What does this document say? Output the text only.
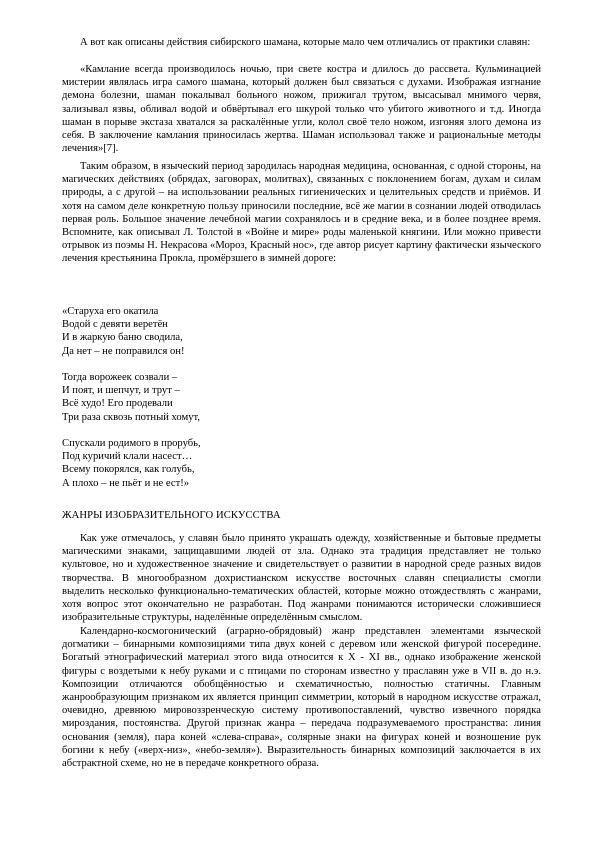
А вот как описаны действия сибирского шамана, которые мало чем отличались от практики славян:

«Камлание всегда производилось ночью, при свете костра и длилось до рассвета. Кульминацией мистерии являлась игра самого шамана, который должен был связаться с духами. Изображая изгнание демона болезни, шаман покалывал больного ножом, прижигал трутом, высасывал мнимого червя, зализывал язвы, обливал водой и обвёртывал его шкурой только что убитого животного и т.д. Иногда шаман в порыве экстаза хватался за раскалённые угли, колол своё тело ножом, изгоняя злого демона из себя. В заключение камлания приносилась жертва. Шаман использовал также и рациональные методы лечения»[7].

Таким образом, в языческий период зародилась народная медицина, основанная, с одной стороны, на магических действиях (обрядах, заговорах, молитвах), связанных с поклонением богам, духам и силам природы, а с другой – на использовании реальных гигиенических и целительных средств и приёмов. И хотя на самом деле конкретную пользу приносили последние, всё же магии в сознании людей отводилась первая роль. Большое значение лечебной магии сохранялось и в средние века, и в более позднее время. Вспомните, как описывал Л. Толстой в «Войне и мире» роды маленькой княгини. Или можно привести отрывок из поэмы Н. Некрасова «Мороз, Красный нос», где автор рисует картину фактически языческого лечения крестьянина Прокла, промёрзшего в зимней дороге:

«Старуха его окатила
Водой с девяти веретён
И в жаркую баню сводила,
Да нет – не поправился он!
Тогда ворожеек созвали –
И поят, и шепчут, и трут –
Всё худо! Его продевали
Три раза сквозь потный хомут,
Спускали родимого в прорубь,
Под куричий клали насест…
Всему покорялся, как голубь,
А плохо – не пьёт и не ест!»

ЖАНРЫ ИЗОБРАЗИТЕЛЬНОГО ИСКУССТВА

Как уже отмечалось, у славян было принято украшать одежду, хозяйственные и бытовые предметы магическими знаками, защищавшими людей от зла. Однако эта традиция представляет не только культовое, но и художественное значение и свидетельствует о развитии в народной среде разных видов творчества. В многообразном дохристианском искусстве восточных славян специалисты смогли выделить несколько функционально-тематических областей, которые можно отождествлять с жанрами, хотя вопрос этот окончательно не разработан. Под жанрами понимаются исторически сложившиеся изобразительные структуры, наделённые определённым смыслом.

Календарно-космогонический (аграрно-обрядовый) жанр представлен элементами языческой догматики – бинарными композициями типа двух коней с деревом или женской фигурой посередине. Богатый этнографический материал этого вида относится к X - XI вв., однако изображение женской фигуры с воздетыми к небу руками и с птицами по сторонам известно у праславян уже в VII в. до н.э. Композиции отличаются обобщённостью и схематичностью, полностью статичны. Главным жанрообразующим признаком их является принцип симметрии, который в народном искусстве отражал, очевидно, древнюю мировоззренческую систему противопоставлений, чувство извечного порядка мироздания, постоянства. Другой признак жанра – передача подразумеваемого пространства: линия основания (земля), пара коней «слева-справа», солярные знаки на фигурах коней и возношение рук богини к небу («верх-низ», «небо-земля»). Выразительность бинарных композиций заключается в их абстрактной схеме, но не в передаче конкретного образа.
